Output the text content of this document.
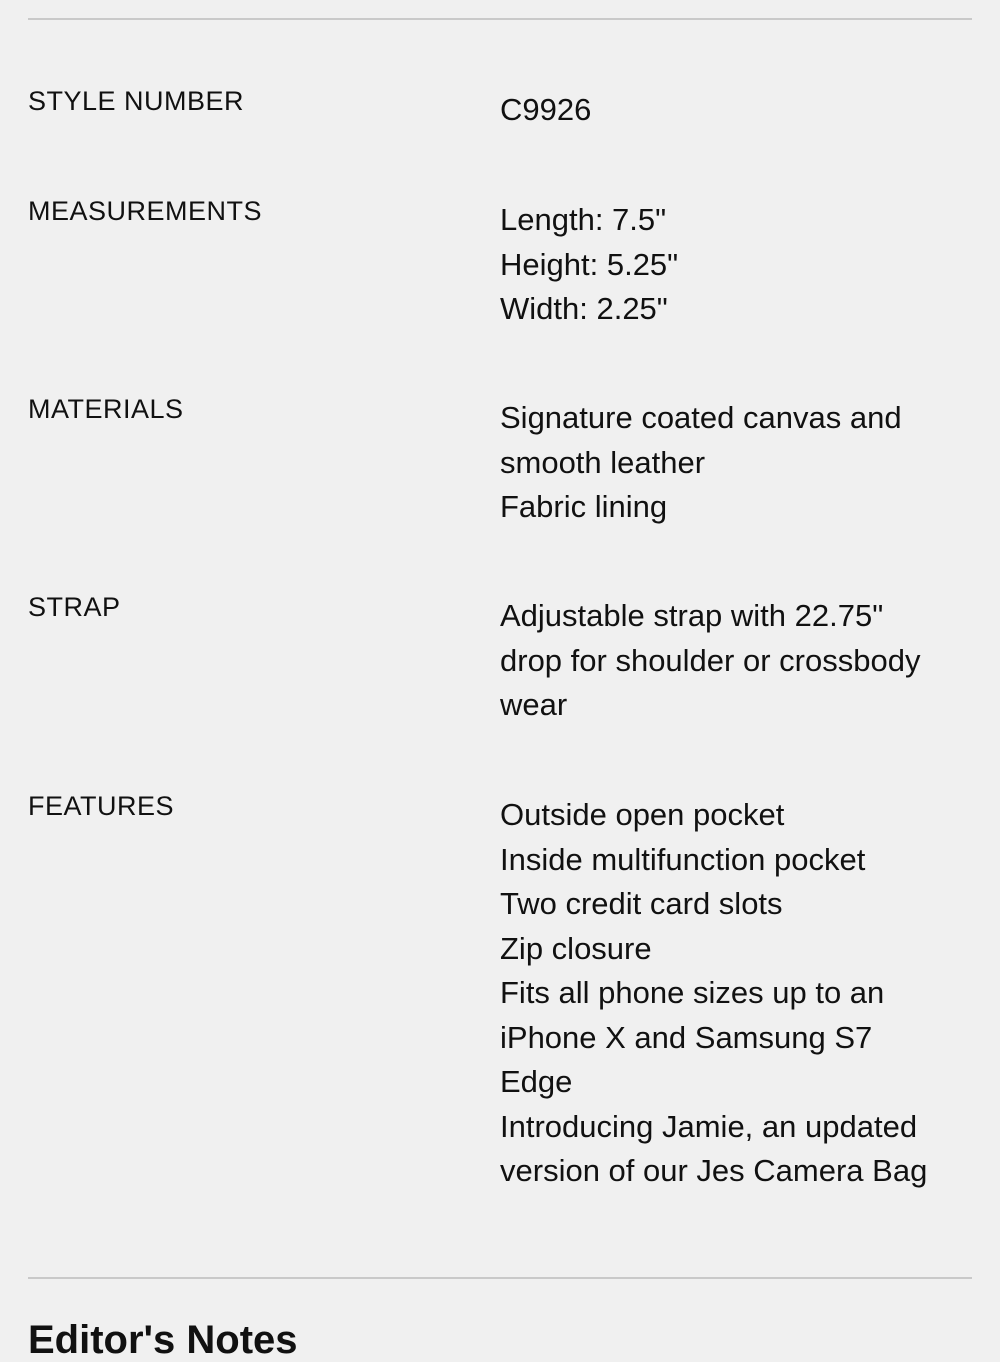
STYLE NUMBER	C9926
MEASUREMENTS	Length: 7.5"
Height: 5.25"
Width: 2.25"
MATERIALS	Signature coated canvas and
smooth leather
Fabric lining
STRAP	Adjustable strap with 22.75"
drop for shoulder or crossbody
wear
FEATURES	Outside open pocket
Inside multifunction pocket
Two credit card slots
Zip closure
Fits all phone sizes up to an
iPhone X and Samsung S7
Edge
Introducing Jamie, an updated
version of our Jes Camera Bag
Editor's Notes
